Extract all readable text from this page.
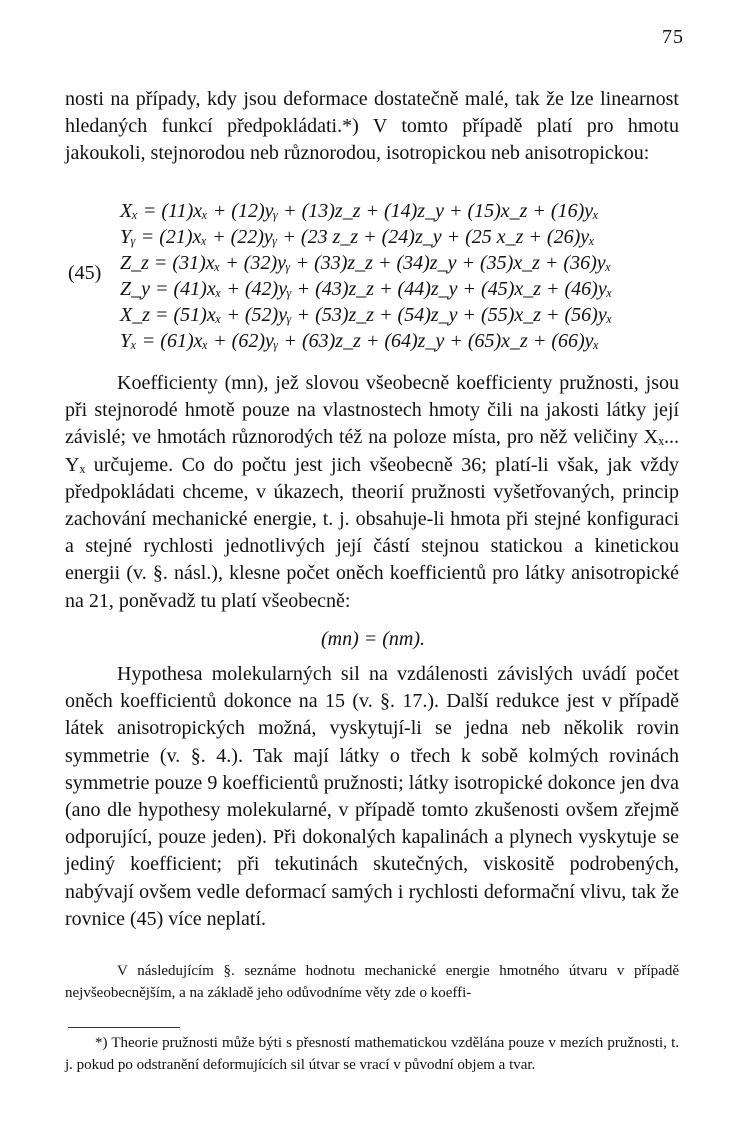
75

nosti na případy, kdy jsou deformace dostatečně malé, tak že lze linearnost hledaných funkcí předpokládati.*) V tomto případě platí pro hmotu jakoukoli, stejnorodou neb různorodou, isotropickou neb anisotropickou:

(45)
Xₓ = (11)xₓ + (12)yᵧ + (13)z_z + (14)z_y + (15)x_z + (16)yₓ
Yᵧ = (21)xₓ + (22)yᵧ + (23 z_z + (24)z_y + (25 x_z + (26)yₓ
Z_z = (31)xₓ + (32)yᵧ + (33)z_z + (34)z_y + (35)x_z + (36)yₓ
Z_y = (41)xₓ + (42)yᵧ + (43)z_z + (44)z_y + (45)x_z + (46)yₓ
X_z = (51)xₓ + (52)yᵧ + (53)z_z + (54)z_y + (55)x_z + (56)yₓ
Yₓ = (61)xₓ + (62)yᵧ + (63)z_z + (64)z_y + (65)x_z + (66)yₓ

Koefficienty (mn), jež slovou všeobecně koefficienty pružnosti, jsou při stejnorodé hmotě pouze na vlastnostech hmoty čili na jakosti látky její závislé; ve hmotách různorodých též na poloze místa, pro něž veličiny Xₓ... Yₓ určujeme. Co do počtu jest jich všeobecně 36; platí-li však, jak vždy předpokládati chceme, v úkazech, theorií pružnosti vyšetřovaných, princip zachování mechanické energie, t. j. obsahuje-li hmota při stejné konfiguraci a stejné rychlosti jednotlivých její částí stejnou statickou a kinetickou energii (v. §. násl.), klesne počet oněch koefficientů pro látky anisotropické na 21, poněvadž tu platí všeobecně:

(mn) = (nm).

Hypothesa molekularných sil na vzdálenosti závislých uvádí počet oněch koefficientů dokonce na 15 (v. §. 17.). Další redukce jest v případě látek anisotropických možná, vyskytují-li se jedna neb několik rovin symmetrie (v. §. 4.). Tak mají látky o třech k sobě kolmých rovinách symmetrie pouze 9 koefficientů pružnosti; látky isotropické dokonce jen dva (ano dle hypothesy molekularné, v případě tomto zkušenosti ovšem zřejmě odporující, pouze jeden). Při dokonalých kapalinách a plynech vyskytuje se jediný koefficient; při tekutinách skutečných, viskositě podrobených, nabývají ovšem vedle deformací samých i rychlosti deformační vlivu, tak že rovnice (45) více neplatí.

V následujícím §. seznáme hodnotu mechanické energie hmotného útvaru v případě nejvšeobecnějším, a na základě jeho odůvodníme věty zde o koeffi-

*) Theorie pružnosti může býti s přesností mathematickou vzdělána pouze v mezích pružnosti, t. j. pokud po odstranění deformujících sil útvar se vrací v původní objem a tvar.
